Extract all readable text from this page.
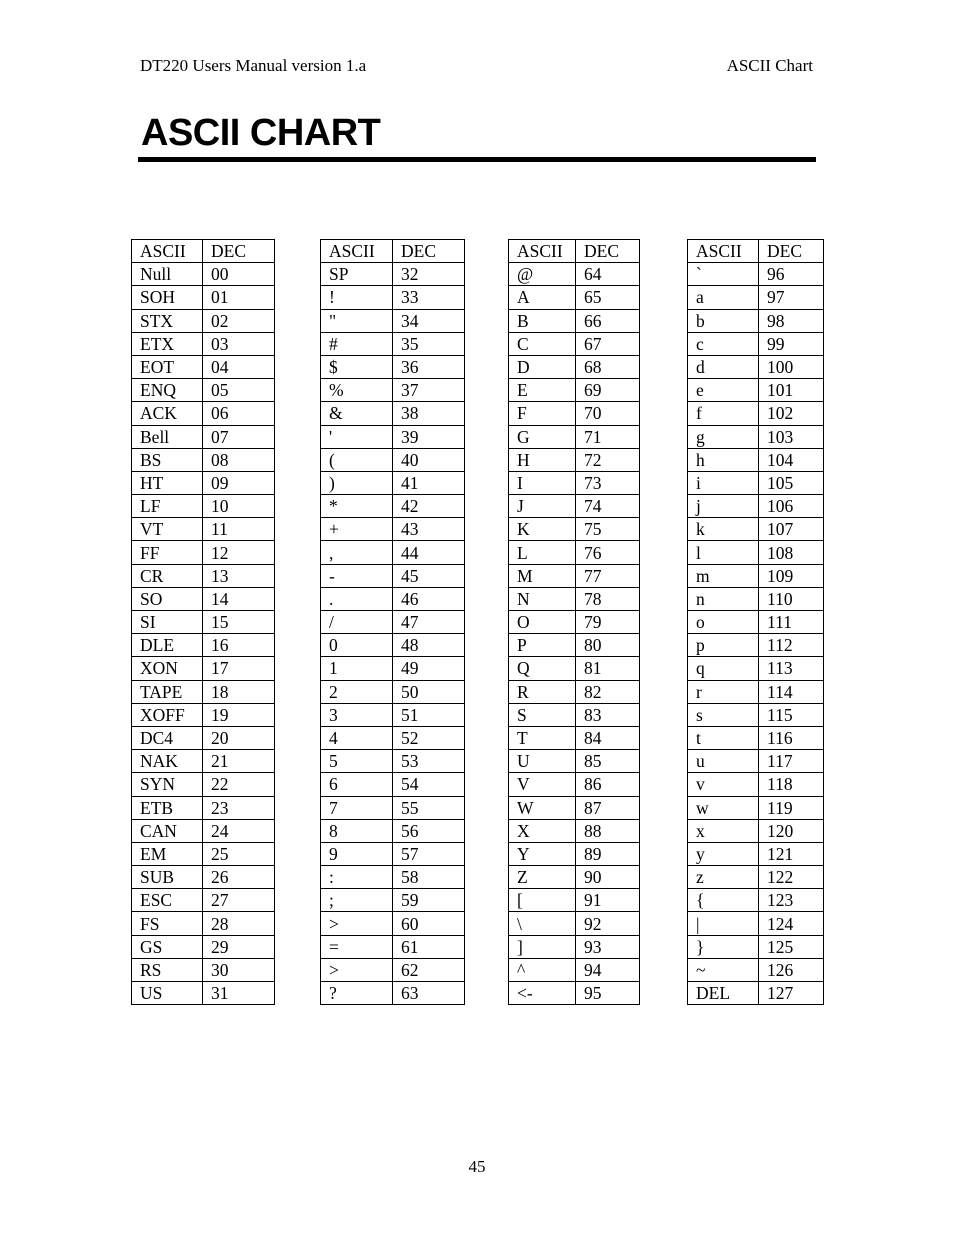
DT220 Users Manual version 1.a	ASCII Chart
ASCII CHART
ASCII	DEC
Null	00
SOH	01
STX	02
ETX	03
EOT	04
ENQ	05
ACK	06
Bell	07
BS	08
HT	09
LF	10
VT	11
FF	12
CR	13
SO	14
SI	15
DLE	16
XON	17
TAPE	18
XOFF	19
DC4	20
NAK	21
SYN	22
ETB	23
CAN	24
EM	25
SUB	26
ESC	27
FS	28
GS	29
RS	30
US	31
ASCII	DEC
SP	32
!	33
"	34
#	35
$	36
%	37
&	38
'	39
(	40
)	41
*	42
+	43
,	44
-	45
.	46
/	47
0	48
1	49
2	50
3	51
4	52
5	53
6	54
7	55
8	56
9	57
:	58
;	59
>	60
=	61
>	62
?	63
ASCII	DEC
@	64
A	65
B	66
C	67
D	68
E	69
F	70
G	71
H	72
I	73
J	74
K	75
L	76
M	77
N	78
O	79
P	80
Q	81
R	82
S	83
T	84
U	85
V	86
W	87
X	88
Y	89
Z	90
[	91
\	92
]	93
^	94
<-	95
ASCII	DEC
`	96
a	97
b	98
c	99
d	100
e	101
f	102
g	103
h	104
i	105
j	106
k	107
l	108
m	109
n	110
o	111
p	112
q	113
r	114
s	115
t	116
u	117
v	118
w	119
x	120
y	121
z	122
{	123
|	124
}	125
~	126
DEL	127
45
